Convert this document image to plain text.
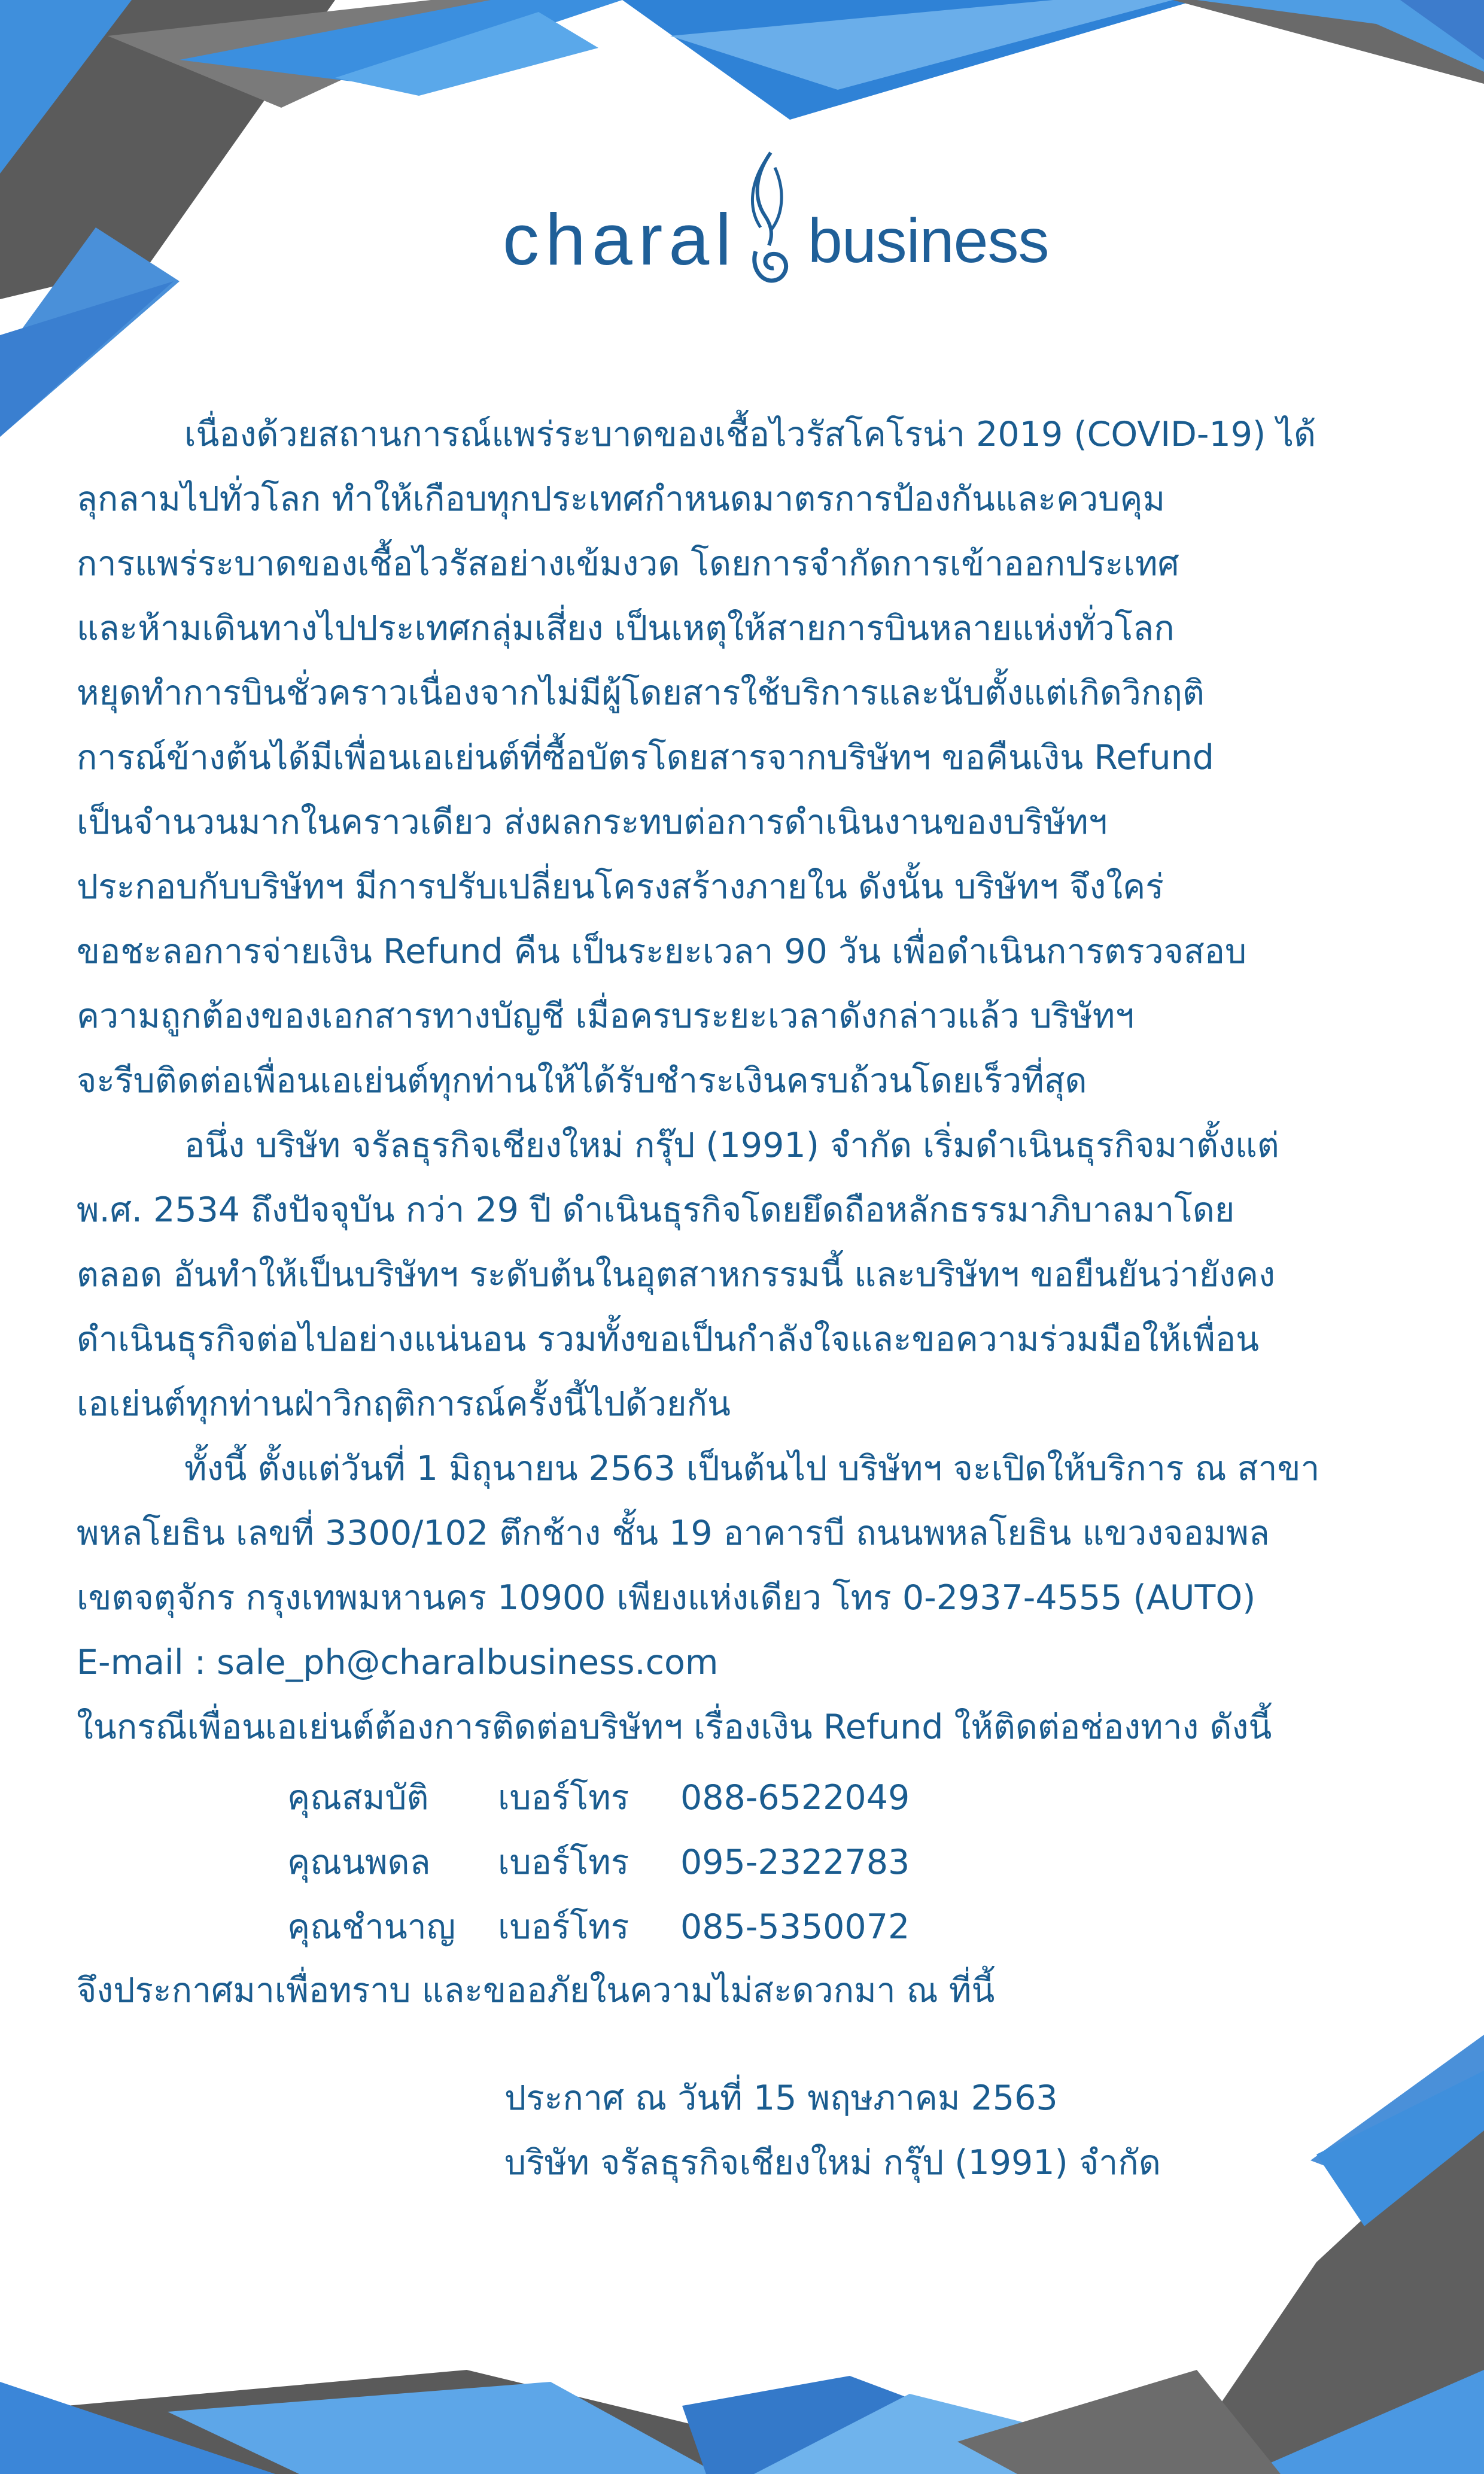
charal business

เนื่องด้วยสถานการณ์แพร่ระบาดของเชื้อไวรัสโคโรน่า 2019 (COVID-19) ได้
ลุกลามไปทั่วโลก ทำให้เกือบทุกประเทศกำหนดมาตรการป้องกันและควบคุม
การแพร่ระบาดของเชื้อไวรัสอย่างเข้มงวด โดยการจำกัดการเข้าออกประเทศ
และห้ามเดินทางไปประเทศกลุ่มเสี่ยง เป็นเหตุให้สายการบินหลายแห่งทั่วโลก
หยุดทำการบินชั่วคราวเนื่องจากไม่มีผู้โดยสารใช้บริการและนับตั้งแต่เกิดวิกฤติ
การณ์ข้างต้นได้มีเพื่อนเอเย่นต์ที่ซื้อบัตรโดยสารจากบริษัทฯ ขอคืนเงิน Refund
เป็นจำนวนมากในคราวเดียว ส่งผลกระทบต่อการดำเนินงานของบริษัทฯ
ประกอบกับบริษัทฯ มีการปรับเปลี่ยนโครงสร้างภายใน ดังนั้น บริษัทฯ จึงใคร่
ขอชะลอการจ่ายเงิน Refund คืน เป็นระยะเวลา 90 วัน เพื่อดำเนินการตรวจสอบ
ความถูกต้องของเอกสารทางบัญชี เมื่อครบระยะเวลาดังกล่าวแล้ว บริษัทฯ
จะรีบติดต่อเพื่อนเอเย่นต์ทุกท่านให้ได้รับชำระเงินครบถ้วนโดยเร็วที่สุด

อนึ่ง บริษัท จรัลธุรกิจเชียงใหม่ กรุ๊ป (1991) จำกัด เริ่มดำเนินธุรกิจมาตั้งแต่
พ.ศ. 2534 ถึงปัจจุบัน กว่า 29 ปี ดำเนินธุรกิจโดยยึดถือหลักธรรมาภิบาลมาโดย
ตลอด อันทำให้เป็นบริษัทฯ ระดับต้นในอุตสาหกรรมนี้ และบริษัทฯ ขอยืนยันว่ายังคง
ดำเนินธุรกิจต่อไปอย่างแน่นอน รวมทั้งขอเป็นกำลังใจและขอความร่วมมือให้เพื่อน
เอเย่นต์ทุกท่านฝ่าวิกฤติการณ์ครั้งนี้ไปด้วยกัน

ทั้งนี้ ตั้งแต่วันที่ 1 มิถุนายน 2563 เป็นต้นไป บริษัทฯ จะเปิดให้บริการ ณ สาขา
พหลโยธิน เลขที่ 3300/102 ตึกช้าง ชั้น 19 อาคารบี ถนนพหลโยธิน แขวงจอมพล
เขตจตุจักร กรุงเทพมหานคร 10900 เพียงแห่งเดียว โทร 0-2937-4555 (AUTO)
E-mail : sale_ph@charalbusiness.com
ในกรณีเพื่อนเอเย่นต์ต้องการติดต่อบริษัทฯ เรื่องเงิน Refund ให้ติดต่อช่องทาง ดังนี้

คุณสมบัติ เบอร์โทร 088-6522049
คุณนพดล เบอร์โทร 095-2322783
คุณชำนาญ เบอร์โทร 085-5350072
จึงประกาศมาเพื่อทราบ และขออภัยในความไม่สะดวกมา ณ ที่นี้
ประกาศ ณ วันที่ 15 พฤษภาคม 2563
บริษัท จรัลธุรกิจเชียงใหม่ กรุ๊ป (1991) จำกัด
